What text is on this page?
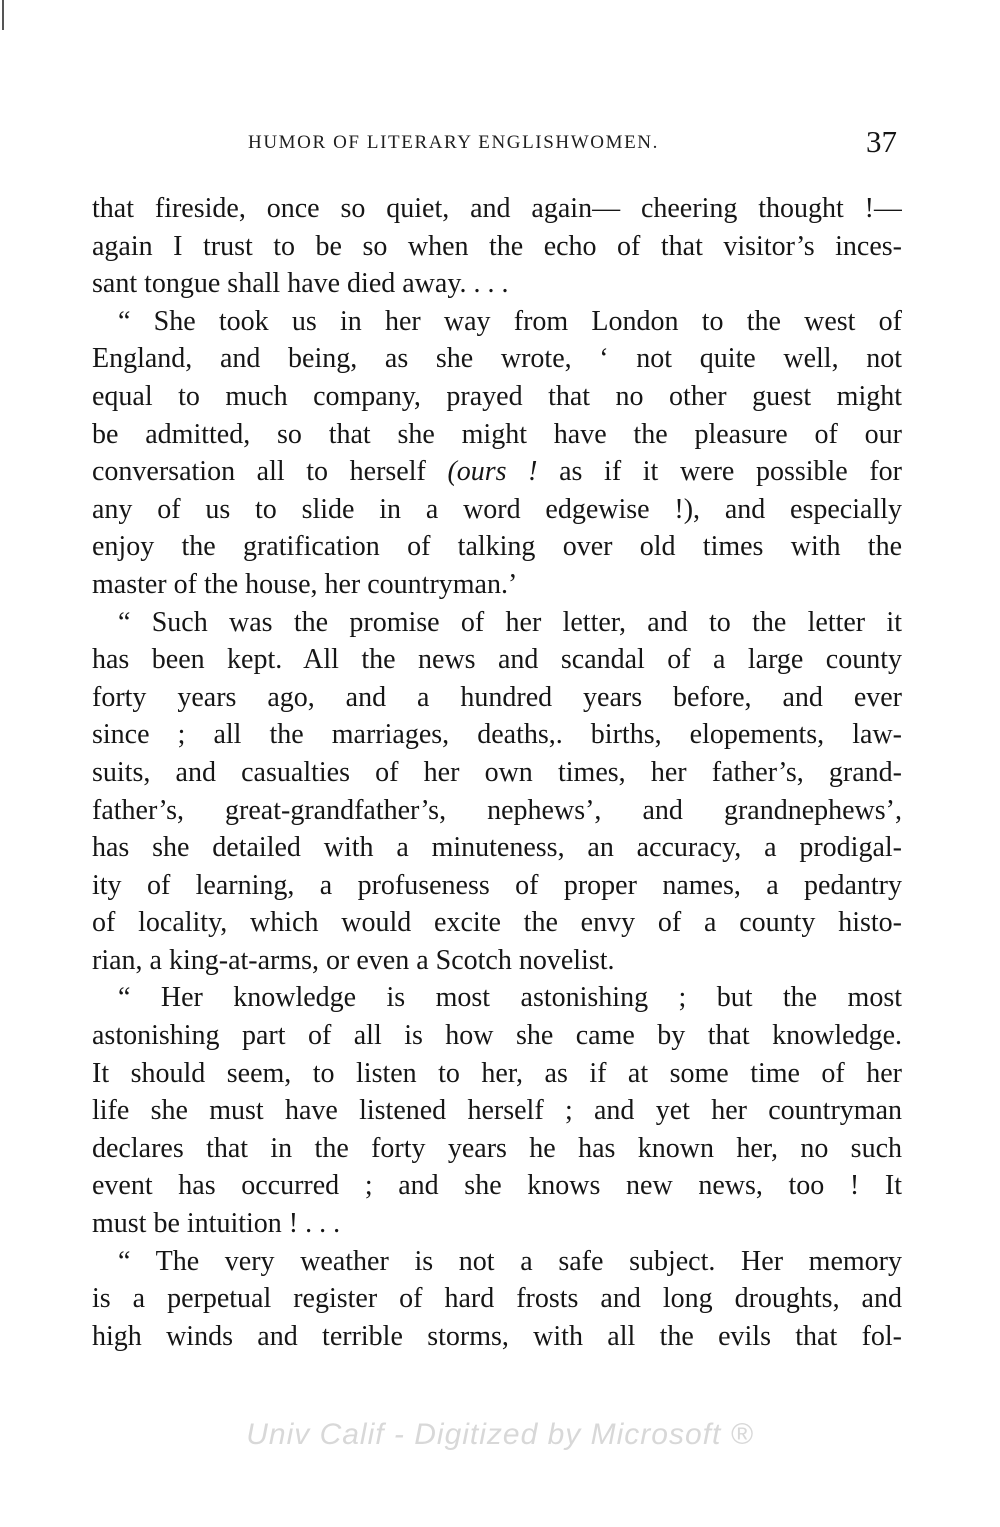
HUMOR OF LITERARY ENGLISHWOMEN.	37
that fireside, once so quiet, and again— cheering thought !—
again I trust to be so when the echo of that visitor’s inces-
sant tongue shall have died away. . . .
“ She took us in her way from London to the west of
England, and being, as she wrote, ‘ not quite well, not
equal to much company, prayed that no other guest might
be admitted, so that she might have the pleasure of our
conversation all to herself (ours ! as if it were possible for
any of us to slide in a word edgewise !), and especially
enjoy the gratification of talking over old times with the
master of the house, her countryman.’
“ Such was the promise of her letter, and to the letter it
has been kept. All the news and scandal of a large county
forty years ago, and a hundred years before, and ever
since ; all the marriages, deaths,. births, elopements, law-
suits, and casualties of her own times, her father’s, grand-
father’s, great-grandfather’s, nephews’, and grandnephews’,
has she detailed with a minuteness, an accuracy, a prodigal-
ity of learning, a profuseness of proper names, a pedantry
of locality, which would excite the envy of a county histo-
rian, a king-at-arms, or even a Scotch novelist.
“ Her knowledge is most astonishing ; but the most
astonishing part of all is how she came by that knowledge.
It should seem, to listen to her, as if at some time of her
life she must have listened herself ; and yet her countryman
declares that in the forty years he has known her, no such
event has occurred ; and she knows new news, too ! It
must be intuition ! . . .
“ The very weather is not a safe subject. Her memory
is a perpetual register of hard frosts and long droughts, and
high winds and terrible storms, with all the evils that fol-
Univ Calif - Digitized by Microsoft ®
